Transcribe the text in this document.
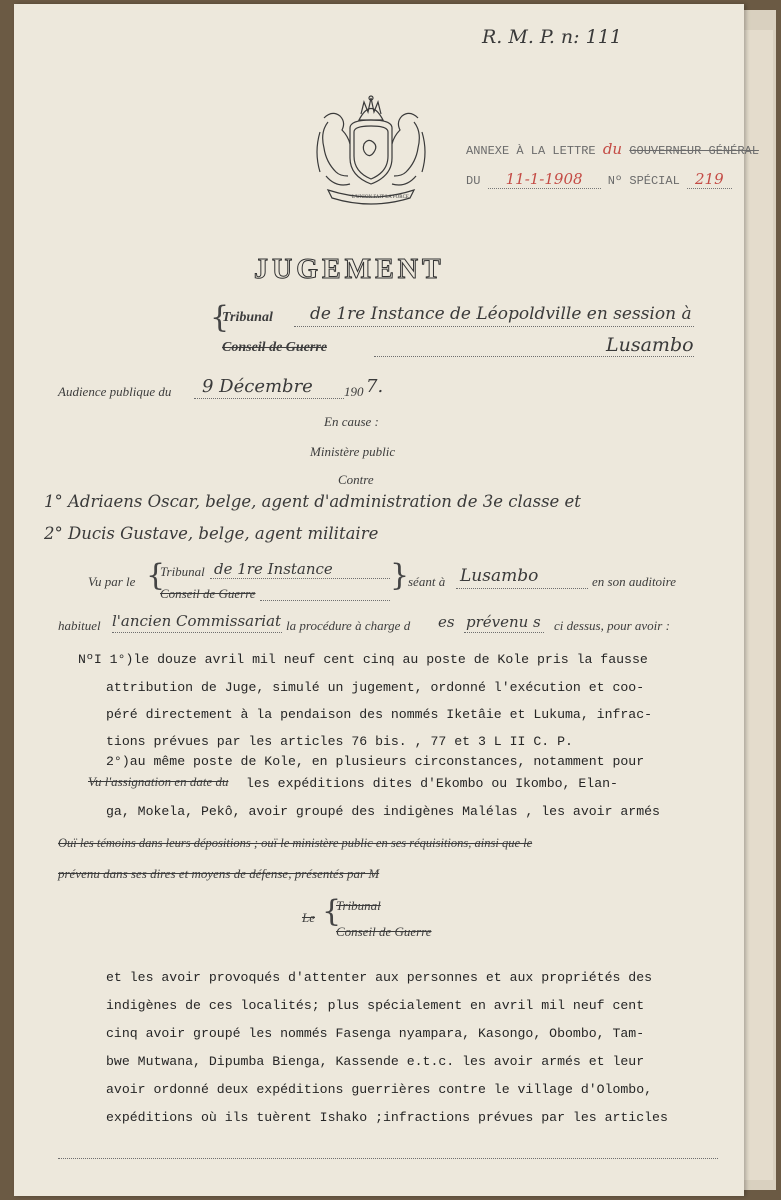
R. M. P. n: 111
L'UNION FAIT LA FORCE
ANNEXE À LA LETTRE du GOUVERNEUR GÉNÉRAL
DU 11-1-1908 Nº SPÉCIAL 219
JUGEMENT
{
Tribunal de 1re Instance de Léopoldville en session à
Conseil de Guerre	Lusambo
Audience publique du 9 Décembre 190 7.
En cause :
Ministère public
Contre
1° Adriaens Oscar, belge, agent d'administration de 3e classe et
2° Ducis Gustave, belge, agent militaire
Vu par le {
Tribunal de 1re Instance
Conseil de Guerre
}
séant à Lusambo	en son auditoire
habituel l'ancien Commissariat la procédure à charge d es prévenu s ci dessus, pour avoir :
NºI 1°)le douze avril mil neuf cent cinq au poste de Kole pris la fausse
attribution de Juge, simulé un jugement, ordonné l'exécution et coo-
péré directement à la pendaison des nommés Iketâie et Lukuma, infrac-
tions prévues par les articles 76 bis. , 77 et 3 L II C. P.
2°)au même poste de Kole, en plusieurs circonstances, notamment pour
Vu l'assignation en date du les expéditions dites d'Ekombo ou Ikombo, Elan-
ga, Mokela, Pekô, avoir groupé des indigènes Malélas , les avoir armés
Ouï les témoins dans leurs dépositions ; ouï le ministère public en ses réquisitions, ainsi que le
prévenu dans ses dires et moyens de défense, présentés par M
Le {
Tribunal
Conseil de Guerre
et les avoir provoqués d'attenter aux personnes et aux propriétés des
indigènes de ces localités; plus spécialement en avril mil neuf cent
cinq avoir groupé les nommés Fasenga nyampara, Kasongo, Obombo, Tam-
bwe Mutwana, Dipumba Bienga, Kassende e.t.c. les avoir armés et leur
avoir ordonné deux expéditions guerrières contre le village d'Olombo,
expéditions où ils tuèrent Ishako ;infractions prévues par les articles
